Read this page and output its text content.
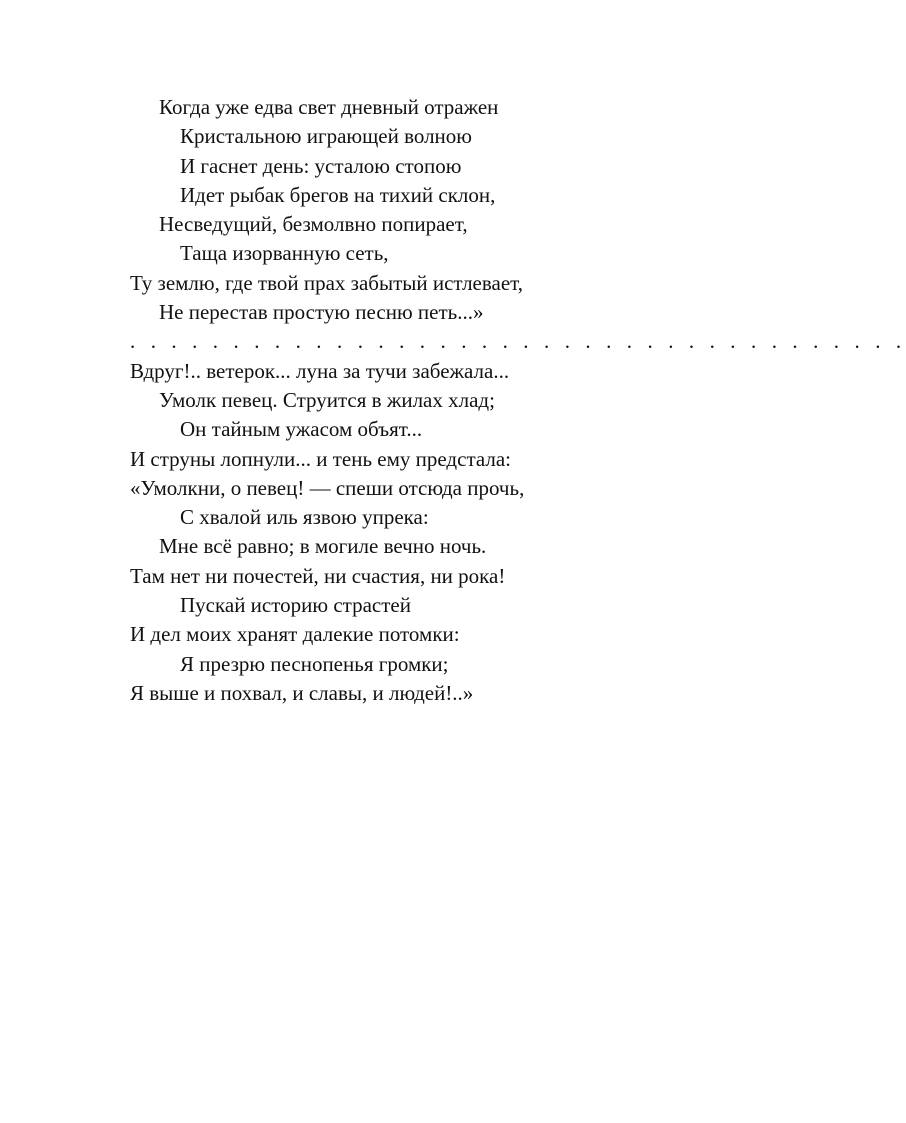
Когда уже едва свет дневный отражен
Кристальною играющей волною
И гаснет день: усталою стопою
Идет рыбак брегов на тихий склон,
Несведущий, безмолвно попирает,
Таща изорванную сеть,
Ту землю, где твой прах забытый истлевает,
Не перестав простую песню петь...»
. . . . . . . . . . . . . . . . . . . . . . . . . . . . . . . . . . . . . .
Вдруг!.. ветерок... луна за тучи забежала...
Умолк певец. Струится в жилах хлад;
Он тайным ужасом объят...
И струны лопнули... и тень ему предстала:
«Умолкни, о певец! — спеши отсюда прочь,
С хвалой иль язвою упрека:
Мне всё равно; в могиле вечно ночь.
Там нет ни почестей, ни счастия, ни рока!
Пускай историю страстей
И дел моих хранят далекие потомки:
Я презрю песнопенья громки;
Я выше и похвал, и славы, и людей!..»
